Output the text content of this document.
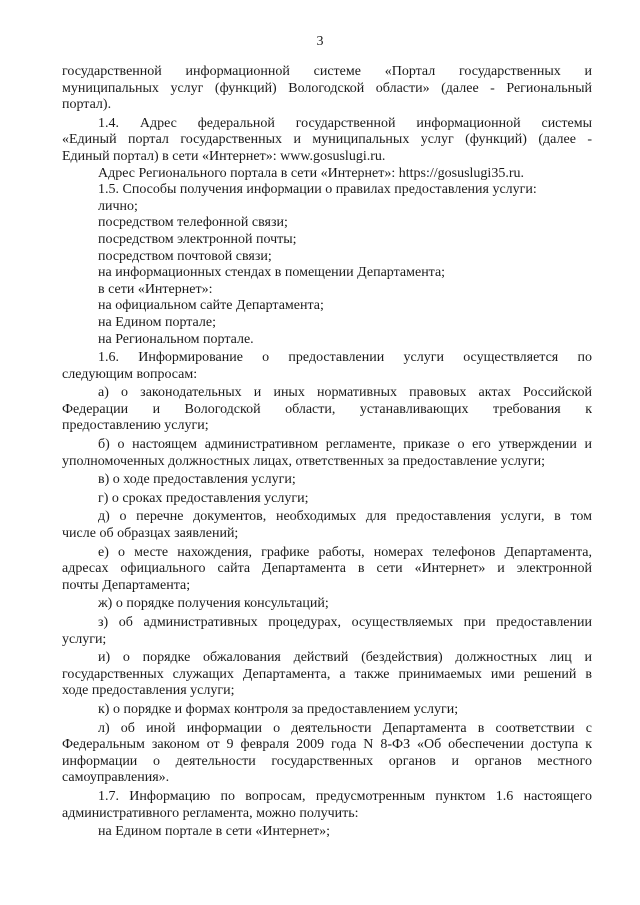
3
государственной информационной системе «Портал государственных и
муниципальных услуг (функций) Вологодской области» (далее - Региональный
портал).
1.4. Адрес федеральной государственной информационной системы
«Единый портал государственных и муниципальных услуг (функций) (далее -
Единый портал) в сети «Интернет»: www.gosuslugi.ru.
Адрес Регионального портала в сети «Интернет»: https://gosuslugi35.ru.
1.5. Способы получения информации о правилах предоставления услуги:
лично;
посредством телефонной связи;
посредством электронной почты;
посредством почтовой связи;
на информационных стендах в помещении Департамента;
в сети «Интернет»:
на официальном сайте Департамента;
на Едином портале;
на Региональном портале.
1.6. Информирование о предоставлении услуги осуществляется по
следующим вопросам:
а) о законодательных и иных нормативных правовых актах Российской
Федерации и Вологодской области, устанавливающих требования к
предоставлению услуги;
б) о настоящем административном регламенте, приказе о его утверждении и
уполномоченных должностных лицах, ответственных за предоставление услуги;
в) о ходе предоставления услуги;
г) о сроках предоставления услуги;
д) о перечне документов, необходимых для предоставления услуги, в том
числе об образцах заявлений;
е) о месте нахождения, графике работы, номерах телефонов Департамента,
адресах официального сайта Департамента в сети «Интернет» и электронной
почты Департамента;
ж) о порядке получения консультаций;
з) об административных процедурах, осуществляемых при предоставлении
услуги;
и) о порядке обжалования действий (бездействия) должностных лиц и
государственных служащих Департамента, а также принимаемых ими решений в
ходе предоставления услуги;
к) о порядке и формах контроля за предоставлением услуги;
л) об иной информации о деятельности Департамента в соответствии с
Федеральным законом от 9 февраля 2009 года N 8-ФЗ «Об обеспечении доступа к
информации о деятельности государственных органов и органов местного
самоуправления».
1.7. Информацию по вопросам, предусмотренным пунктом 1.6 настоящего
административного регламента, можно получить:
на Едином портале в сети «Интернет»;
